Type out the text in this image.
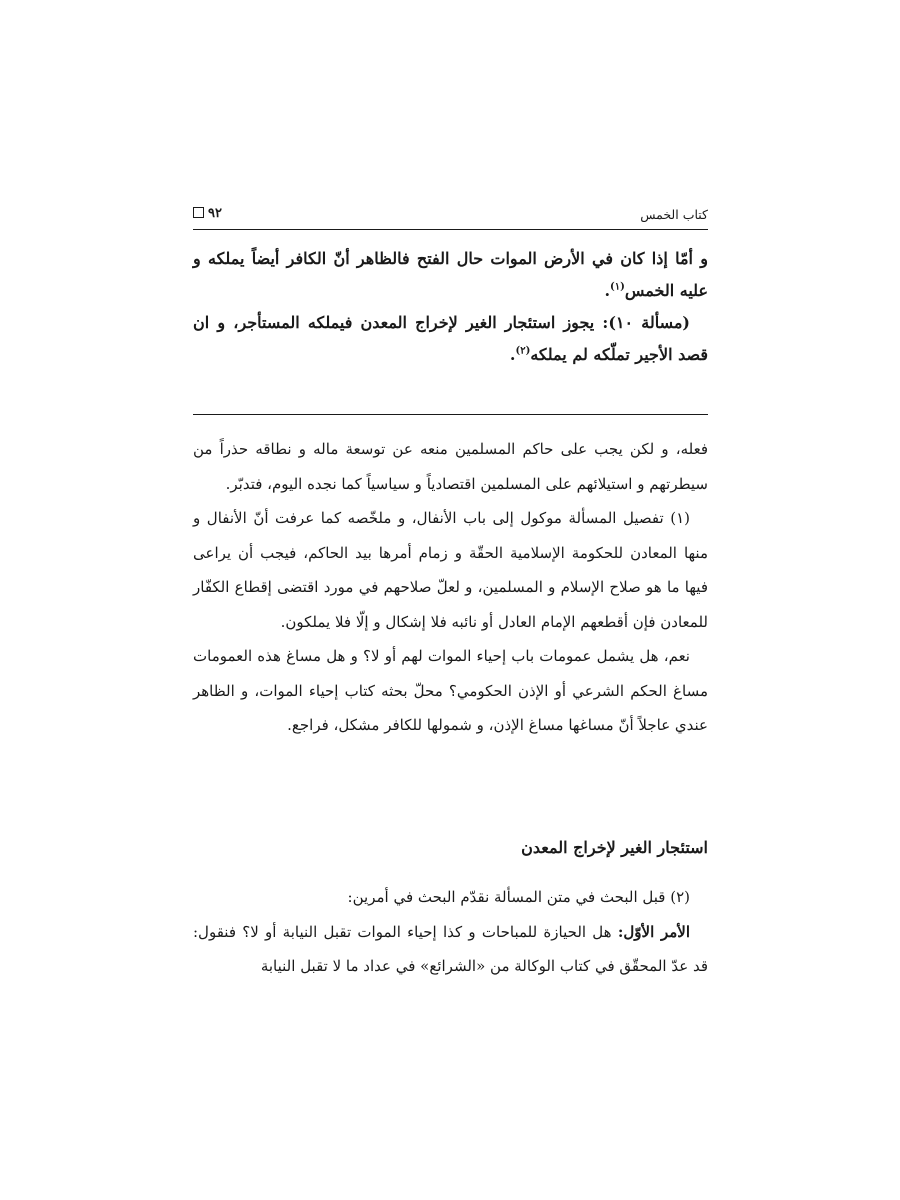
كتاب الخمس
٩٢

و أمّا إذا كان في الأرض الموات حال الفتح فالظاهر أنّ الكافر أيضاً يملكه و عليه الخمس$^{(١)}$.

(مسألة ١٠): يجوز استئجار الغير لإخراج المعدن فيملكه المستأجر، و ان قصد الأجير تملّكه لم يملكه$^{(٢)}$.

فعله، و لكن يجب على حاكم المسلمين منعه عن توسعة ماله و نطاقه حذراً من سيطرتهم و استيلائهم على المسلمين اقتصادياً و سياسياً كما نجده اليوم، فتدبّر.

(١) تفصيل المسألة موكول إلى باب الأنفال، و ملخّصه كما عرفت أنّ الأنفال و منها المعادن للحكومة الإسلامية الحقّة و زمام أمرها بيد الحاكم، فيجب أن يراعى فيها ما هو صلاح الإسلام و المسلمين، و لعلّ صلاحهم في مورد اقتضى إقطاع الكفّار للمعادن فإن أقطعهم الإمام العادل أو نائبه فلا إشكال و إلّا فلا يملكون.

نعم، هل يشمل عمومات باب إحياء الموات لهم أو لا؟ و هل مساغ هذه العمومات مساغ الحكم الشرعي أو الإذن الحكومي؟ محلّ بحثه كتاب إحياء الموات، و الظاهر عندي عاجلاً أنّ مساغها مساغ الإذن، و شمولها للكافر مشكل، فراجع.

استئجار الغير لإخراج المعدن

(٢) قبل البحث في متن المسألة نقدّم البحث في أمرين:

الأمر الأوّل: هل الحيازة للمباحات و كذا إحياء الموات تقبل النيابة أو لا؟ فنقول: قد عدّ المحقّق في كتاب الوكالة من «الشرائع» في عداد ما لا تقبل النيابة
